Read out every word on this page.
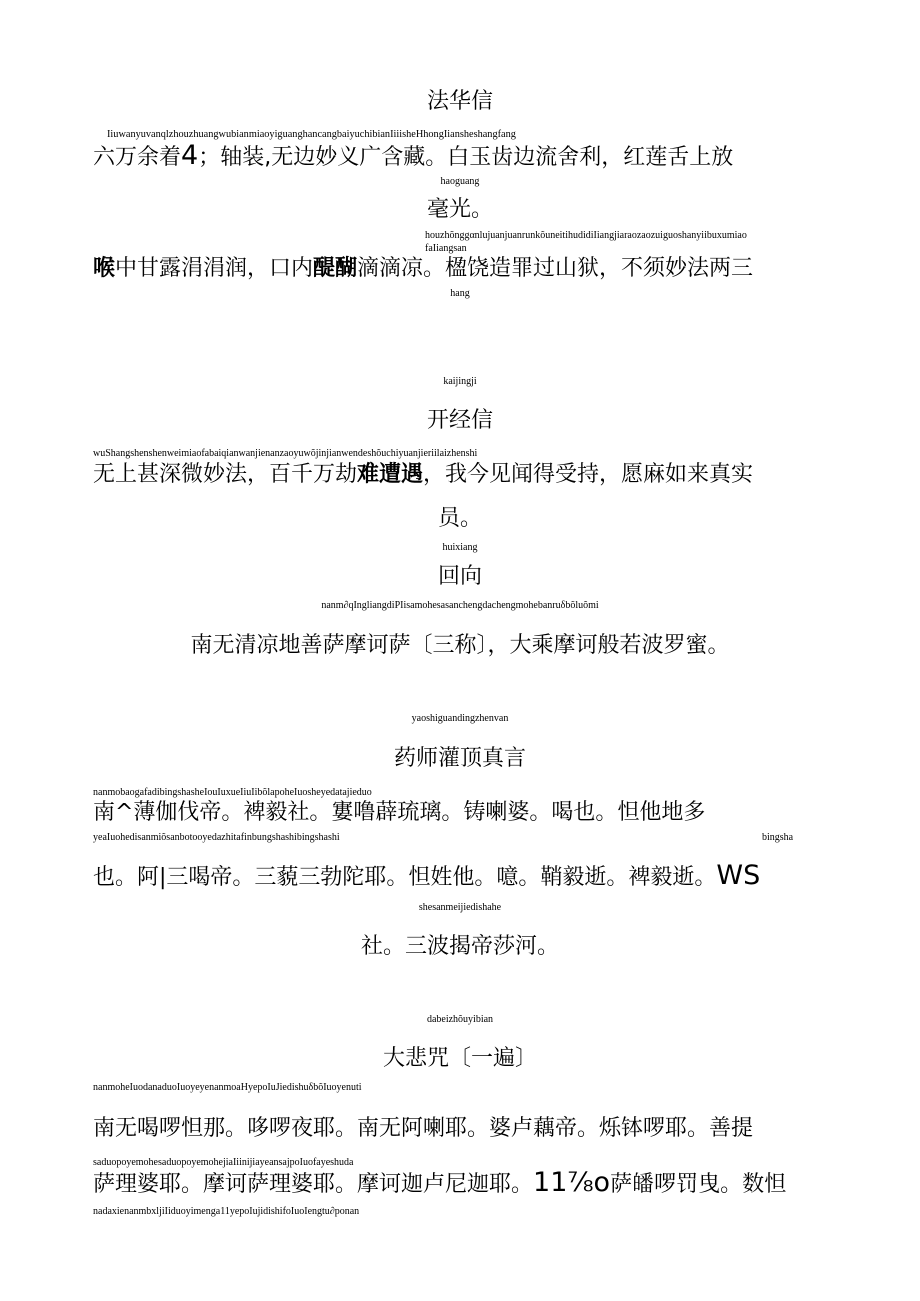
法华信
IiuwanyuvanqlzhouzhuangwubianmiaoyiguanghancangbaiyuchibianIiiisheHhongIiansheshangfang
六万余着4；轴装,无边妙义广含藏。白玉齿边流舍利，红莲舌上放
haoguang
毫光。
houzhõnggαnlujuanjuanrunkõuneitihudidiIiangjiaraozaozuiguoshanyiibuxumiao
faIiangsan
喉中甘露涓涓润，口内醍醐滴滴凉。楹饶造罪过山狱，不须妙法两三
hang
kaijingji
开经信
wuShangshenshenweimiaofabaiqianwanjienanzaoyuwõjinjianwendeshõuchiyuanjieriilaizhenshi
无上甚深微妙法，百千万劫难遭遇，我今见闻得受持，愿麻如来真实
员。
huixiang
回向
nanm∂qIngliangdiPIisamohesasanchengdachengmohebanruδbõluõmi
南无清凉地善萨摩诃萨〔三称〕，大乘摩诃般若波罗蜜。
yaoshiguandingzhenvan
药师灌顶真言
nanmobaogafadibingshasheIouIuxueIiuIibõlapoheIuosheyedatajieduo
南^薄伽伐帝。裨毅社。寠噜薜琉璃。铸喇婆。喝也。怛他地多
yeaIuohedisanmiõsanbotooyedazhitafinbungshashibingshashi	bingsha
也。阿|三喝帝。三藐三勃陀耶。怛姓他。噫。鞘毅逝。裨毅逝。WS
shesanmeijiedishahe
社。三波揭帝莎河。
dabeizhõuyibian
大悲咒〔一遍〕
nanmoheIuodanaduoIuoyeyenanmoaHyepoIuJiedishuδbõIuoyenuti
南无喝啰怛那。哆啰夜耶。南无阿喇耶。婆卢藕帝。烁钵啰耶。善提
saduopoyemohesaduopoyemohejiaIiinijiayeansajpoIuofayeshuda
萨理婆耶。摩诃萨理婆耶。摩诃迦卢尼迦耶。11⅞o萨皤啰罚曳。数怛
nadaxienanmbxljiIiduoyimenga11yepoIujidishifoIuoIengtu∂ponan
